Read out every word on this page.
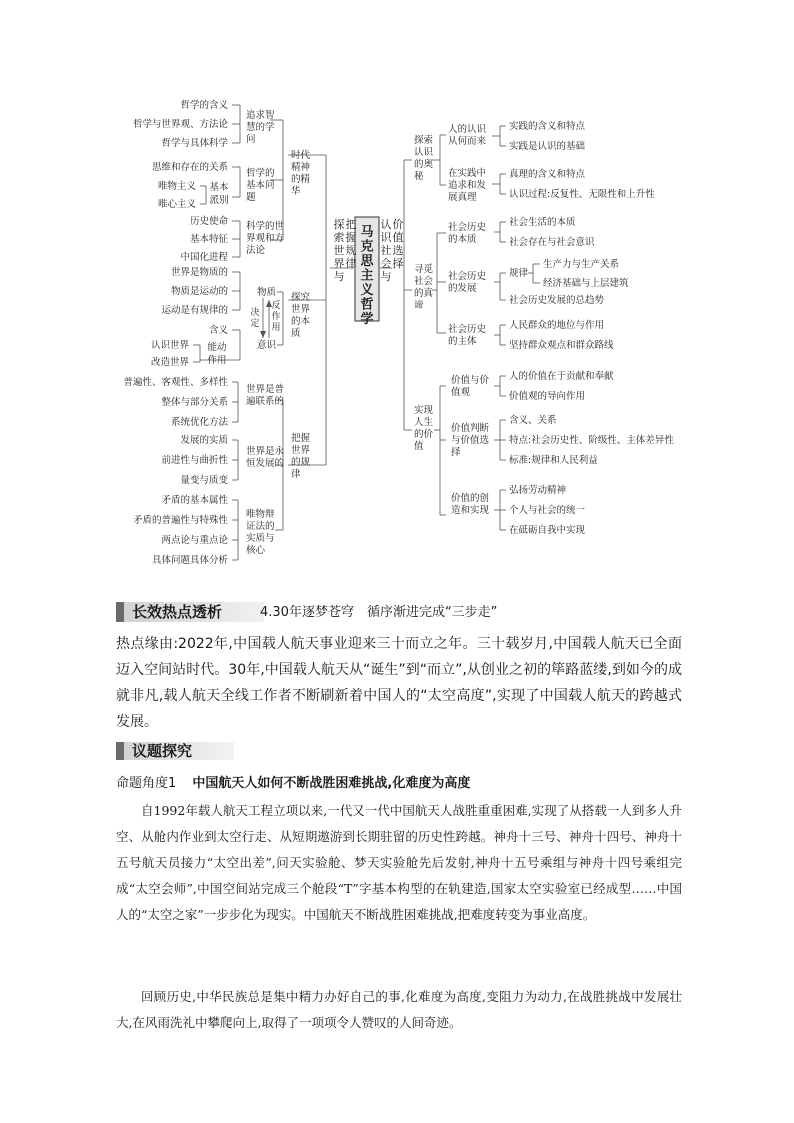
马
克
思
主
义
哲
学
探
索
世
界
与
把
握
规
律
认
识
社
会
与
价
值
选
择
时代
精神
的精
华
探究
世界
的本
质
把握
世界
的规
律
追求智
慧的学
问
哲学的含义
哲学与世界观、方法论
哲学与具体科学
哲学的
基本问
题
思维和存在的关系
唯物主义
唯心主义
基本
派别
科学的世
界观和方
法论
历史使命
基本特征
中国化进程
物质
世界是物质的
物质是运动的
运动是有规律的
意识
决
定
反
作
用
含义
认识世界
改造世界
能动
作用
世界是普
遍联系的
普遍性、客观性、多样性
整体与部分关系
系统优化方法
世界是永
恒发展的
发展的实质
前进性与曲折性
量变与质变
唯物辩
证法的
实质与
核心
矛盾的基本属性
矛盾的普遍性与特殊性
两点论与重点论
具体问题具体分析
探索
认识
的奥
秘
人的认识
从何而来
实践的含义和特点
实践是认识的基础
在实践中
追求和发
展真理
真理的含义和特点
认识过程:反复性、无限性和上升性
寻觅
社会
的真
谛
社会历史
的本质
社会生活的本质
社会存在与社会意识
社会历史
的发展
规律
生产力与生产关系
经济基础与上层建筑
社会历史发展的总趋势
社会历史
的主体
人民群众的地位与作用
坚持群众观点和群众路线
实现
人生
的价
值
价值与价
值观
人的价值在于贡献和奉献
价值观的导向作用
价值判断
与价值选
择
含义、关系
特点:社会历史性、阶级性、主体差异性
标准:规律和人民利益
价值的创
造和实现
弘扬劳动精神
个人与社会的统一
在砥砺自我中实现
长效热点透析	4.30年逐梦苍穹　循序渐进完成“三步走”

热点缘由:2022年,中国载人航天事业迎来三十而立之年。三十载岁月,中国载人航天已全面迈入空间站时代。30年,中国载人航天从“诞生”到“而立”,从创业之初的筚路蓝缕,到如今的成就非凡,载人航天全线工作者不断刷新着中国人的“太空高度”,实现了中国载人航天的跨越式发展。

议题探究
命题角度1 中国航天人如何不断战胜困难挑战,化难度为高度

自1992年载人航天工程立项以来,一代又一代中国航天人战胜重重困难,实现了从搭载一人到多人升空、从舱内作业到太空行走、从短期遨游到长期驻留的历史性跨越。神舟十三号、神舟十四号、神舟十五号航天员接力“太空出差”,问天实验舱、梦天实验舱先后发射,神舟十五号乘组与神舟十四号乘组完成“太空会师”,中国空间站完成三个舱段“T”字基本构型的在轨建造,国家太空实验室已经成型……中国人的“太空之家”一步步化为现实。中国航天不断战胜困难挑战,把难度转变为事业高度。

回顾历史,中华民族总是集中精力办好自己的事,化难度为高度,变阻力为动力,在战胜挑战中发展壮大,在风雨洗礼中攀爬向上,取得了一项项令人赞叹的人间奇迹。
